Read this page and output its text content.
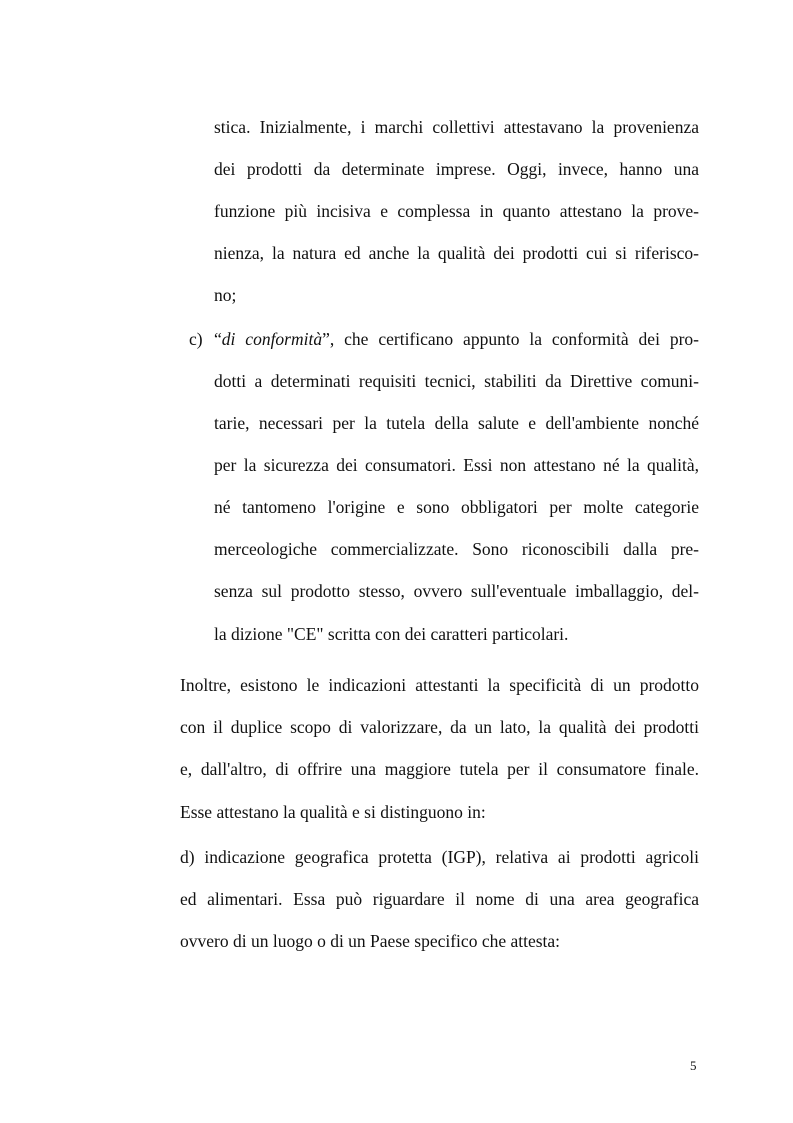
stica. Inizialmente, i marchi collettivi attestavano la provenienza
dei prodotti da determinate imprese. Oggi, invece, hanno una
funzione più incisiva e complessa in quanto attestano la prove-
nienza, la natura ed anche la qualità dei prodotti cui si riferisco-
no;
c) “di conformità”, che certificano appunto la conformità dei pro-
dotti a determinati requisiti tecnici, stabiliti da Direttive comuni-
tarie, necessari per la tutela della salute e dell'ambiente nonché
per la sicurezza dei consumatori. Essi non attestano né la qualità,
né tantomeno l'origine e sono obbligatori per molte categorie
merceologiche commercializzate. Sono riconoscibili dalla pre-
senza sul prodotto stesso, ovvero sull'eventuale imballaggio, del-
la dizione "CE" scritta con dei caratteri particolari.
Inoltre, esistono le indicazioni attestanti la specificità di un prodotto
con il duplice scopo di valorizzare, da un lato, la qualità dei prodotti
e, dall'altro, di offrire una maggiore tutela per il consumatore finale.
Esse attestano la qualità e si distinguono in:
d) indicazione geografica protetta (IGP), relativa ai prodotti agricoli
ed alimentari. Essa può riguardare il nome di una area geografica
ovvero di un luogo o di un Paese specifico che attesta:
5
